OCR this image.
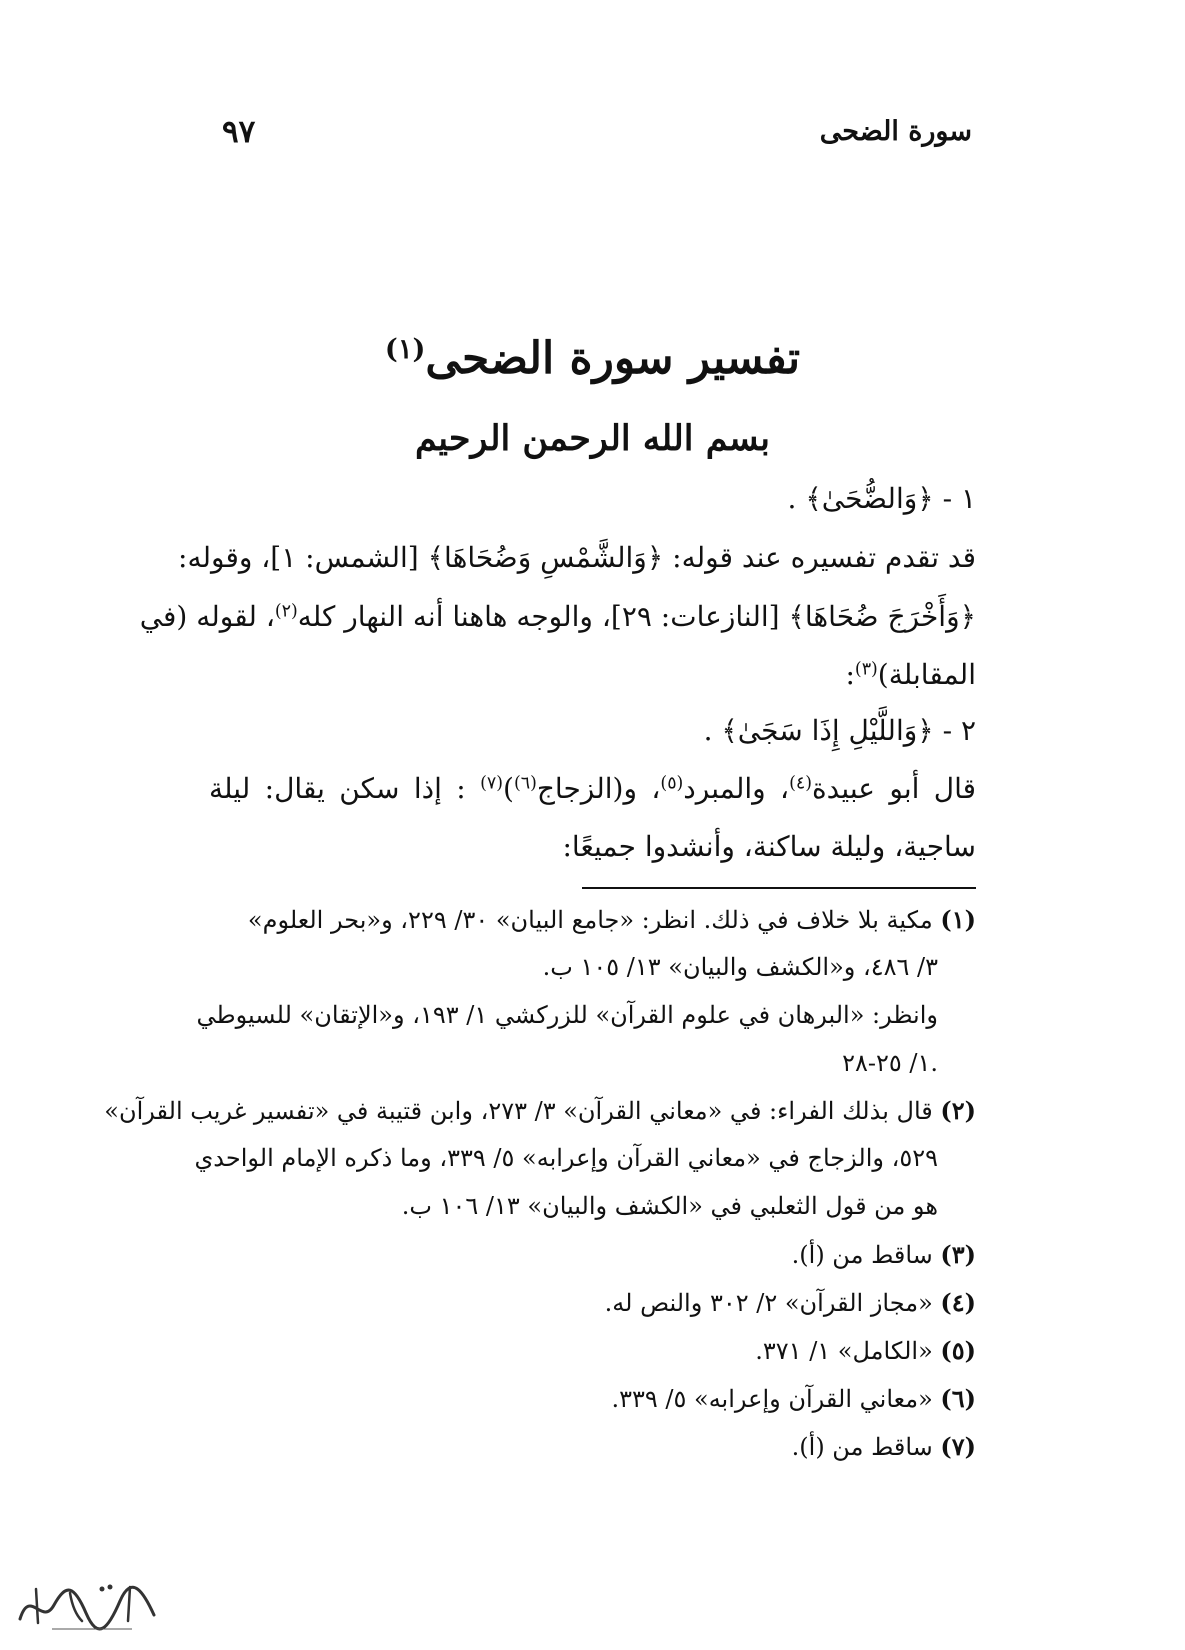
سورة الضحى
٩٧
تفسير سورة الضحى$^{(١)}$
بسم الله الرحمن الرحيم
١ - ﴿وَالضُّحَىٰ﴾ .
قد تقدم تفسيره عند قوله: ﴿وَالشَّمْسِ وَضُحَاهَا﴾ [الشمس: ١]، وقوله:
﴿وَأَخْرَجَ ضُحَاهَا﴾ [النازعات: ٢٩]، والوجه هاهنا أنه النهار كله$^{(٢)}$، لقوله (في
المقابلة)$^{(٣)}$:
٢ - ﴿وَاللَّيْلِ إِذَا سَجَىٰ﴾ .
قال أبو عبيدة$^{(٤)}$، والمبرد$^{(٥)}$، و(الزجاج$^{(٦)}$)$^{(٧)}$ : إذا سكن يقال: ليلة
ساجية، وليلة ساكنة، وأنشدوا جميعًا:
(١) مكية بلا خلاف في ذلك. انظر: «جامع البيان» ٣٠/ ٢٢٩، و«بحر العلوم»
٣/ ٤٨٦، و«الكشف والبيان» ١٣/ ١٠٥ ب.
وانظر: «البرهان في علوم القرآن» للزركشي ١/ ١٩٣، و«الإتقان» للسيوطي
١/ ٢٥-٢٨.
(٢) قال بذلك الفراء: في «معاني القرآن» ٣/ ٢٧٣، وابن قتيبة في «تفسير غريب القرآن»
٥٢٩، والزجاج في «معاني القرآن وإعرابه» ٥/ ٣٣٩، وما ذكره الإمام الواحدي
هو من قول الثعلبي في «الكشف والبيان» ١٣/ ١٠٦ ب.
(٣) ساقط من (أ).
(٤) «مجاز القرآن» ٢/ ٣٠٢ والنص له.
(٥) «الكامل» ١/ ٣٧١.
(٦) «معاني القرآن وإعرابه» ٥/ ٣٣٩.
(٧) ساقط من (أ).
